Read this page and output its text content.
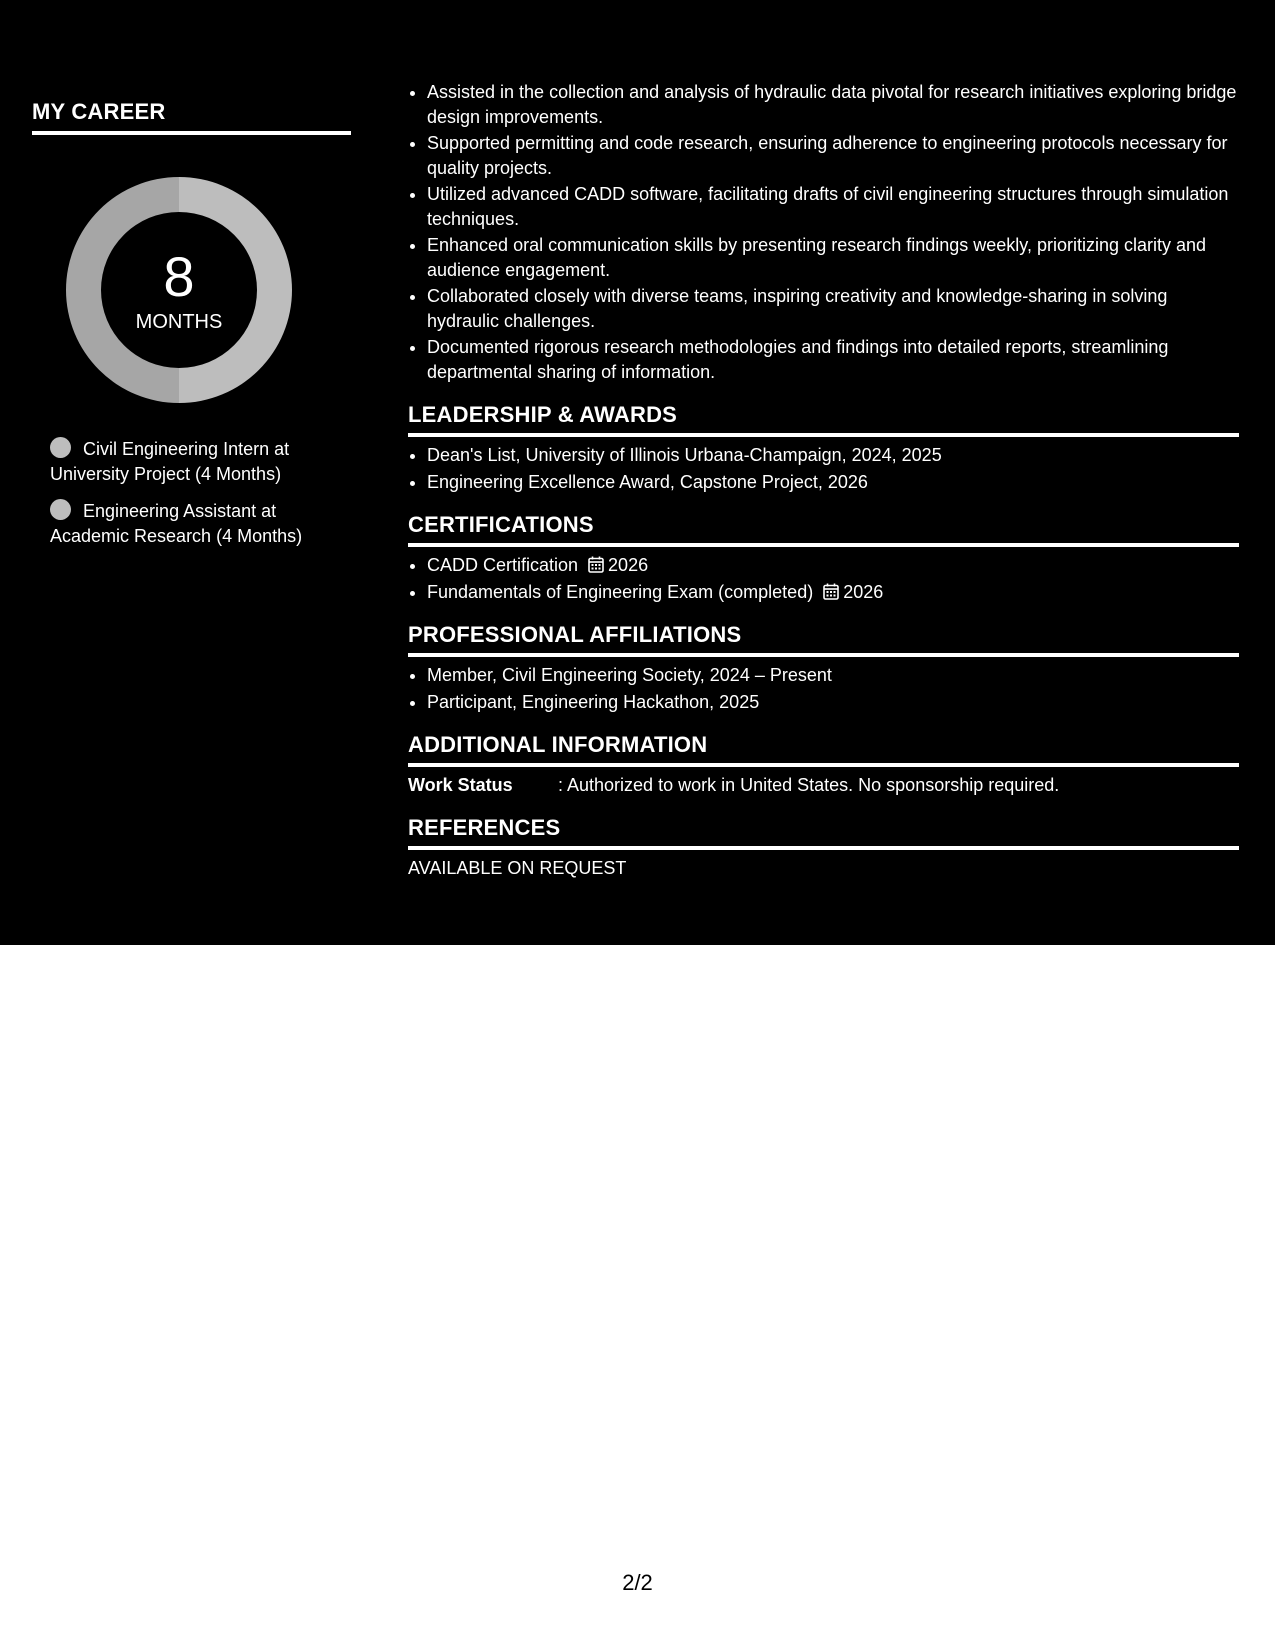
MY CAREER
8
MONTHS
Civil Engineering Intern at University Project (4 Months)
Engineering Assistant at Academic Research (4 Months)
• Assisted in the collection and analysis of hydraulic data pivotal for research initiatives exploring bridge design improvements.
• Supported permitting and code research, ensuring adherence to engineering protocols necessary for quality projects.
• Utilized advanced CADD software, facilitating drafts of civil engineering structures through simulation techniques.
• Enhanced oral communication skills by presenting research findings weekly, prioritizing clarity and audience engagement.
• Collaborated closely with diverse teams, inspiring creativity and knowledge-sharing in solving hydraulic challenges.
• Documented rigorous research methodologies and findings into detailed reports, streamlining departmental sharing of information.
LEADERSHIP & AWARDS
• Dean's List, University of Illinois Urbana-Champaign, 2024, 2025
• Engineering Excellence Award, Capstone Project, 2026
CERTIFICATIONS
• CADD Certification 2026
• Fundamentals of Engineering Exam (completed) 2026
PROFESSIONAL AFFILIATIONS
• Member, Civil Engineering Society, 2024 – Present
• Participant, Engineering Hackathon, 2025
ADDITIONAL INFORMATION
Work Status	: Authorized to work in United States. No sponsorship required.
REFERENCES
AVAILABLE ON REQUEST
2/2
